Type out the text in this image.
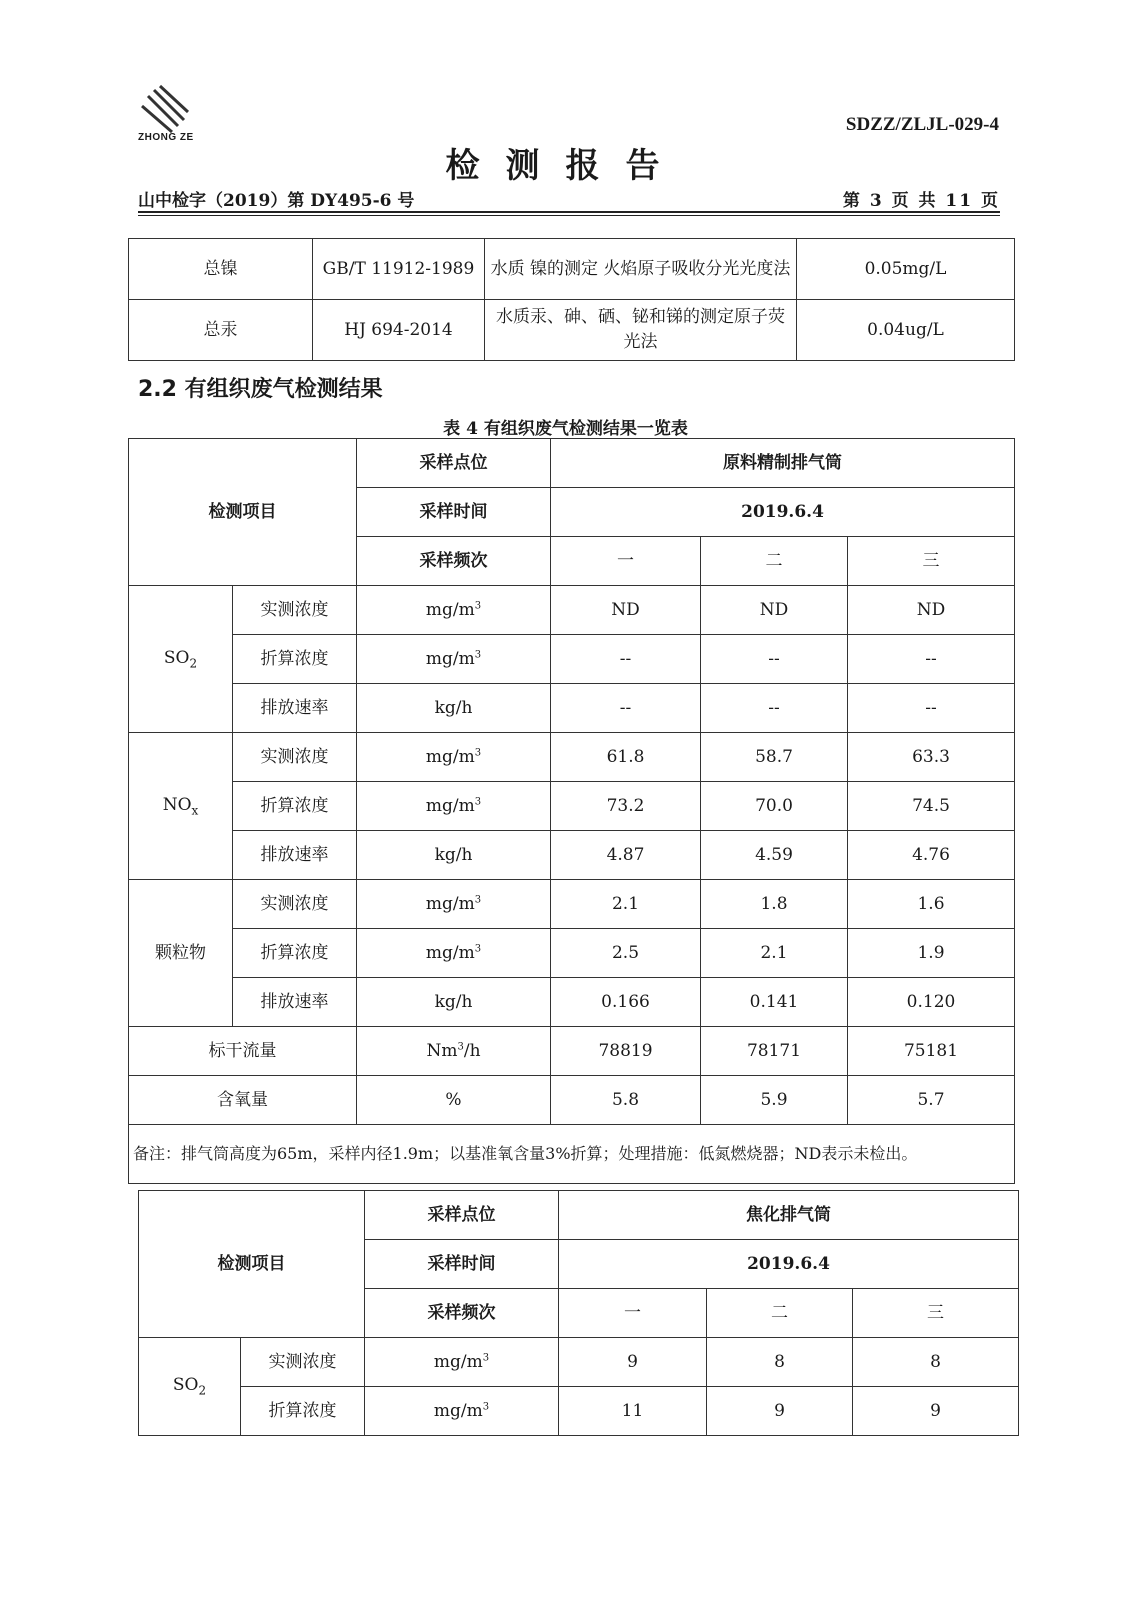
ZHONG ZE
SDZZ/ZLJL-029-4
检测报告
山中检字（2019）第 DY495-6 号	第 3 页 共 11 页
总镍	GB/T 11912-1989	水质 镍的测定 火焰原子吸收分光光度法	0.05mg/L
总汞	HJ 694-2014	水质汞、砷、硒、铋和锑的测定原子荧光法	0.04ug/L
2.2 有组织废气检测结果
表 4 有组织废气检测结果一览表
检测项目		采样点位	原料精制排气筒		
		采样时间	2019.6.4		
		采样频次	一	二	三
$SO_2$	实测浓度	$mg/m^3$	ND	ND	ND
	折算浓度	$mg/m^3$	--	--	--
	排放速率	kg/h	--	--	--
$NO_x$	实测浓度	$mg/m^3$	61.8	58.7	63.3
	折算浓度	$mg/m^3$	73.2	70.0	74.5
	排放速率	kg/h	4.87	4.59	4.76
颗粒物	实测浓度	$mg/m^3$	2.1	1.8	1.6
	折算浓度	$mg/m^3$	2.5	2.1	1.9
	排放速率	kg/h	0.166	0.141	0.120
标干流量		Nm$^3$/h	78819	78171	75181
含氧量		%	5.8	5.9	5.7
备注：排气筒高度为65m，采样内径1.9m；以基准氧含量3%折算；处理措施：低氮燃烧器；ND表示未检出。					
检测项目		采样点位	焦化排气筒		
		采样时间	2019.6.4		
		采样频次	一	二	三
$SO_2$	实测浓度	$mg/m^3$	9	8	8
	折算浓度	$mg/m^3$	11	9	9
